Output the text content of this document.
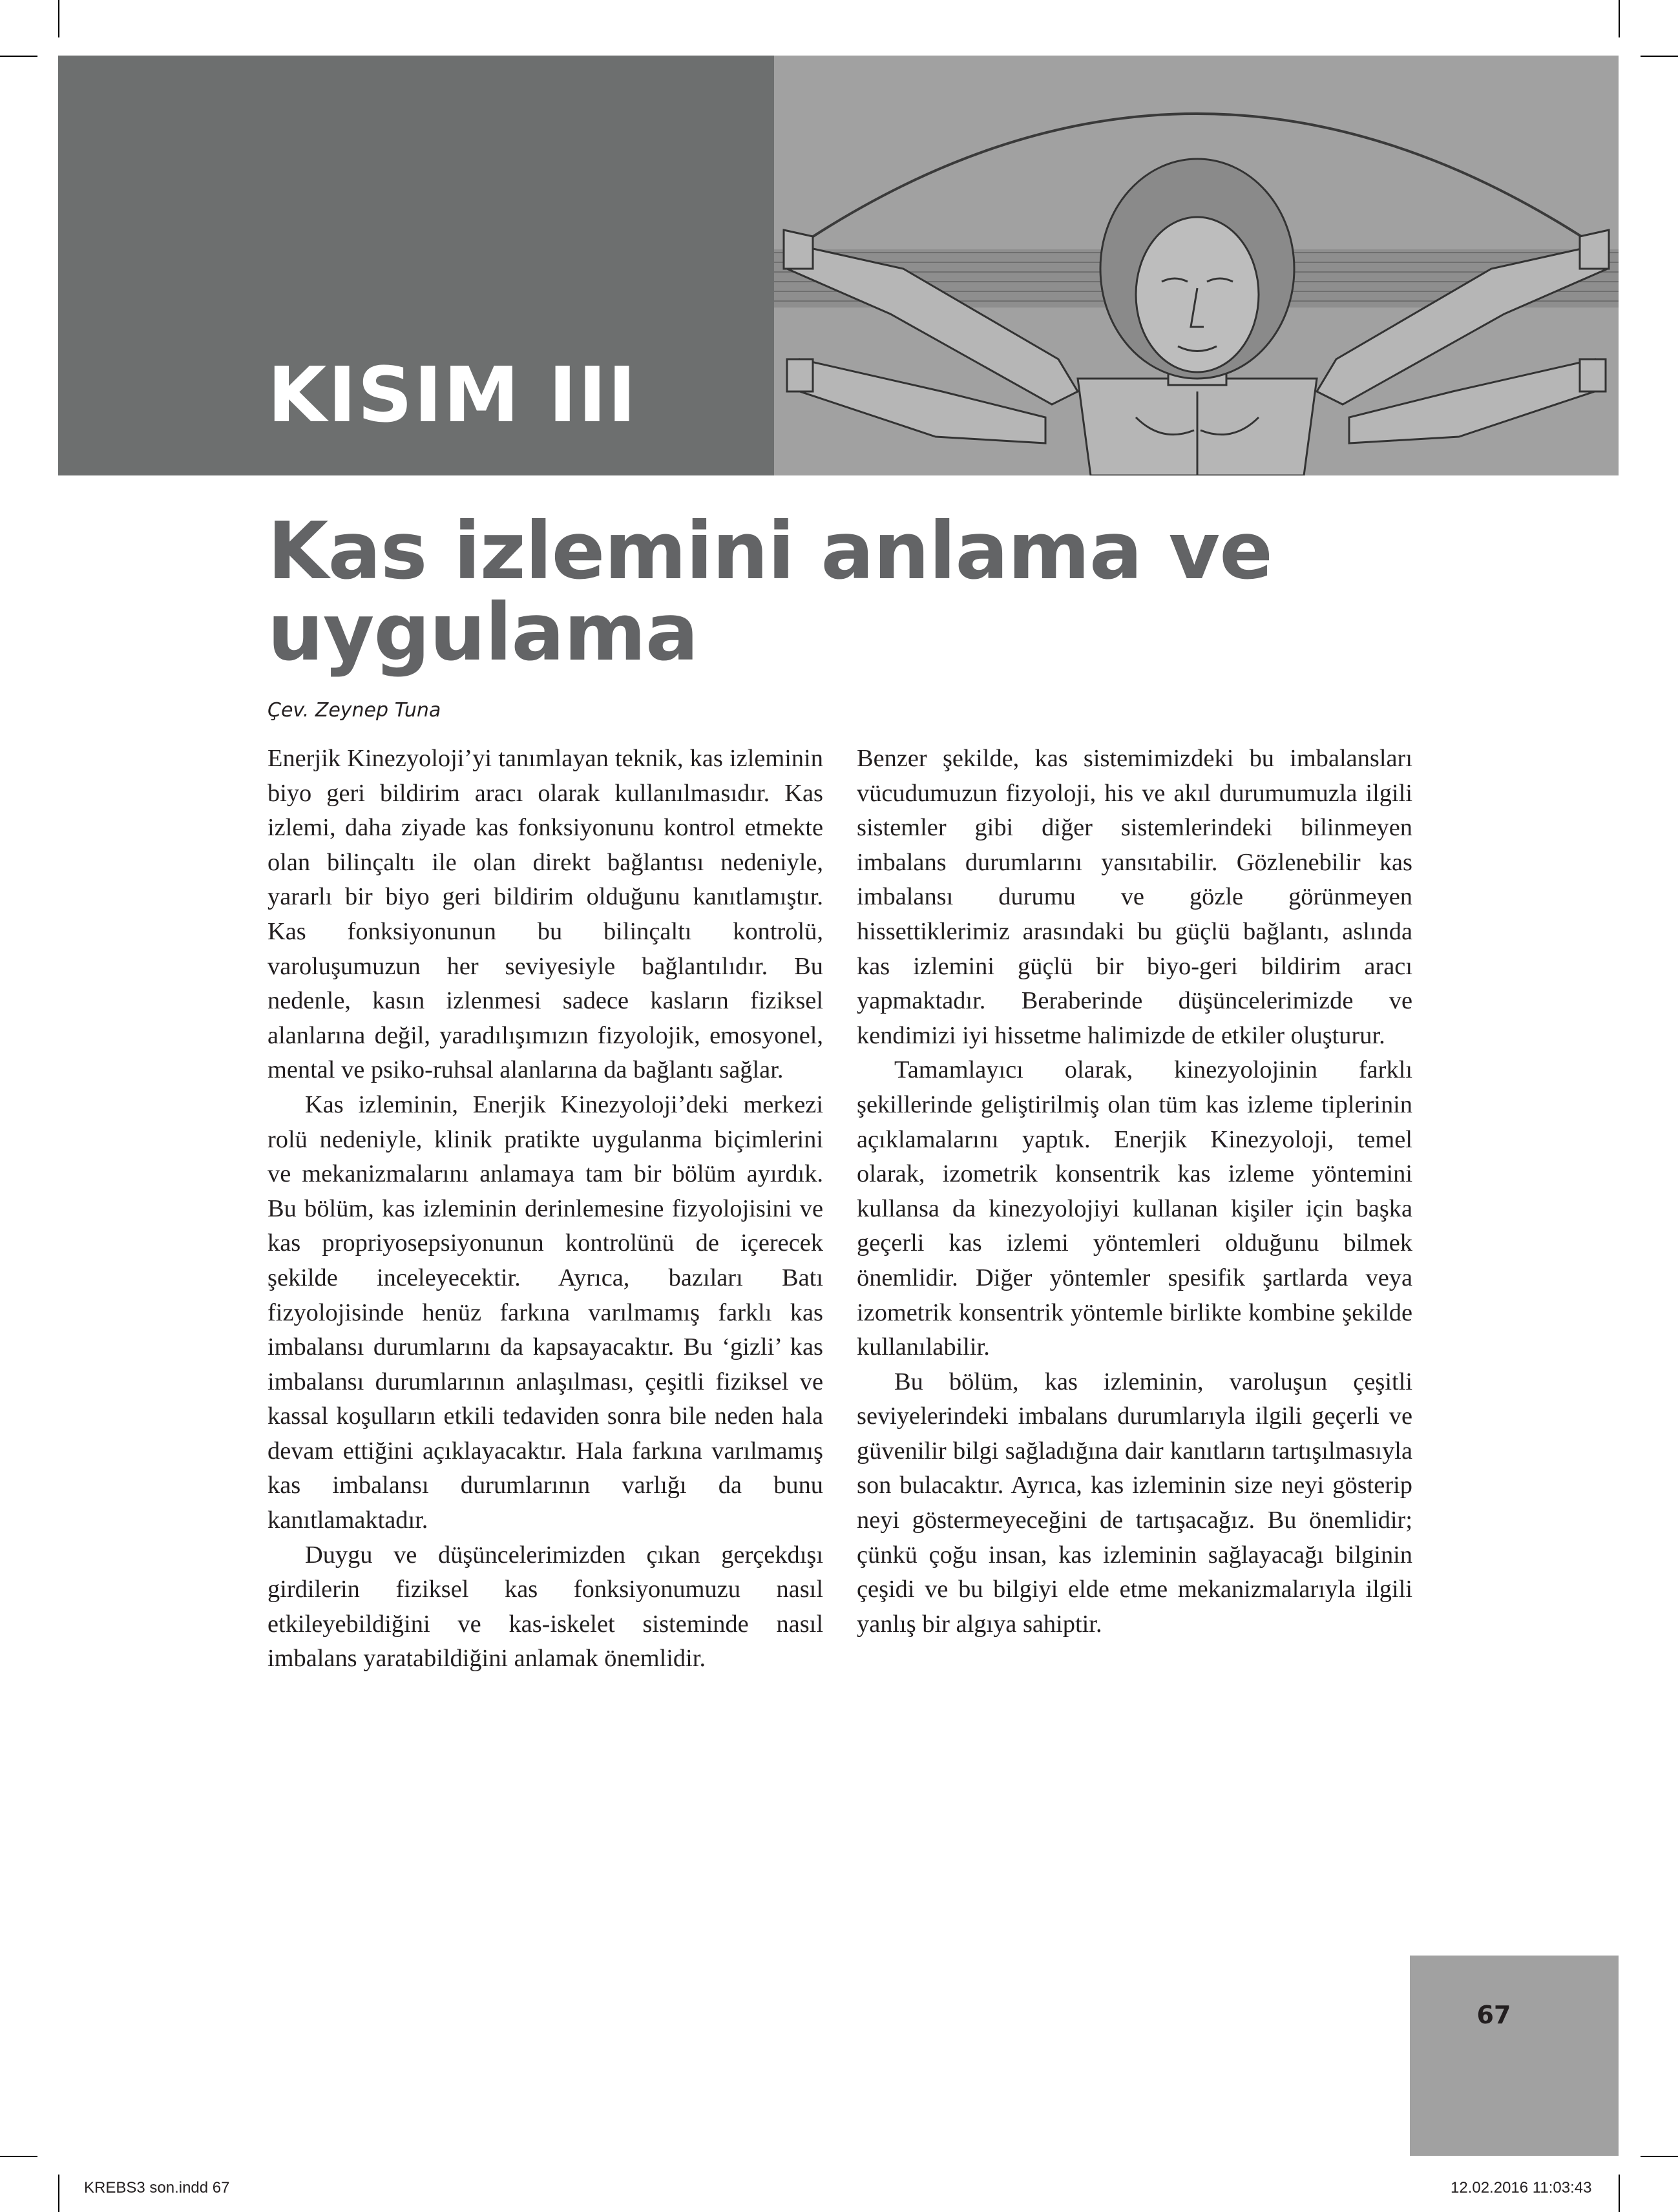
KISIM III
Kas izlemini anlama ve uygulama

Çev. Zeynep Tuna

Enerjik Kinezyoloji’yi tanımlayan teknik, kas izleminin biyo geri bildirim aracı olarak kullanılmasıdır. Kas izlemi, daha ziyade kas fonksiyonunu kontrol etmekte olan bilinçaltı ile olan direkt bağlantısı nedeniyle, yararlı bir biyo geri bildirim olduğunu kanıtlamıştır. Kas fonksiyonunun bu bilinçaltı kontrolü, varoluşumuzun her seviyesiyle bağlantılıdır. Bu nedenle, kasın izlenmesi sadece kasların fiziksel alanlarına değil, yaradılışımızın fizyolojik, emosyonel, mental ve psiko-ruhsal alanlarına da bağlantı sağlar.

Kas izleminin, Enerjik Kinezyoloji’deki merkezi rolü nedeniyle, klinik pratikte uygulanma biçimlerini ve mekanizmalarını anlamaya tam bir bölüm ayırdık. Bu bölüm, kas izleminin derinlemesine fizyolojisini ve kas propriyosepsiyonunun kontrolünü de içerecek şekilde inceleyecektir. Ayrıca, bazıları Batı fizyolojisinde henüz farkına varılmamış farklı kas imbalansı durumlarını da kapsayacaktır. Bu ‘gizli’ kas imbalansı durumlarının anlaşılması, çeşitli fiziksel ve kassal koşulların etkili tedaviden sonra bile neden hala devam ettiğini açıklayacaktır. Hala farkına varılmamış kas imbalansı durumlarının varlığı da bunu kanıtlamaktadır.

Duygu ve düşüncelerimizden çıkan gerçekdışı girdilerin fiziksel kas fonksiyonumuzu nasıl etkileyebildiğini ve kas-iskelet sisteminde nasıl imbalans yaratabildiğini anlamak önemlidir.

Benzer şekilde, kas sistemimizdeki bu imbalansları vücudumuzun fizyoloji, his ve akıl durumumuzla ilgili sistemler gibi diğer sistemlerindeki bilinmeyen imbalans durumlarını yansıtabilir. Gözlenebilir kas imbalansı durumu ve gözle görünmeyen hissettiklerimiz arasındaki bu güçlü bağlantı, aslında kas izlemini güçlü bir biyo-geri bildirim aracı yapmaktadır. Beraberinde düşüncelerimizde ve kendimizi iyi hissetme halimizde de etkiler oluşturur.

Tamamlayıcı olarak, kinezyolojinin farklı şekillerinde geliştirilmiş olan tüm kas izleme tiplerinin açıklamalarını yaptık. Enerjik Kinezyoloji, temel olarak, izometrik konsentrik kas izleme yöntemini kullansa da kinezyolojiyi kullanan kişiler için başka geçerli kas izlemi yöntemleri olduğunu bilmek önemlidir. Diğer yöntemler spesifik şartlarda veya izometrik konsentrik yöntemle birlikte kombine şekilde kullanılabilir.

Bu bölüm, kas izleminin, varoluşun çeşitli seviyelerindeki imbalans durumlarıyla ilgili geçerli ve güvenilir bilgi sağladığına dair kanıtların tartışılmasıyla son bulacaktır. Ayrıca, kas izleminin size neyi gösterip neyi göstermeyeceğini de tartışacağız. Bu önemlidir; çünkü çoğu insan, kas izleminin sağlayacağı bilginin çeşidi ve bu bilgiyi elde etme mekanizmalarıyla ilgili yanlış bir algıya sahiptir.

67
KREBS3 son.indd 67	12.02.2016 11:03:43
